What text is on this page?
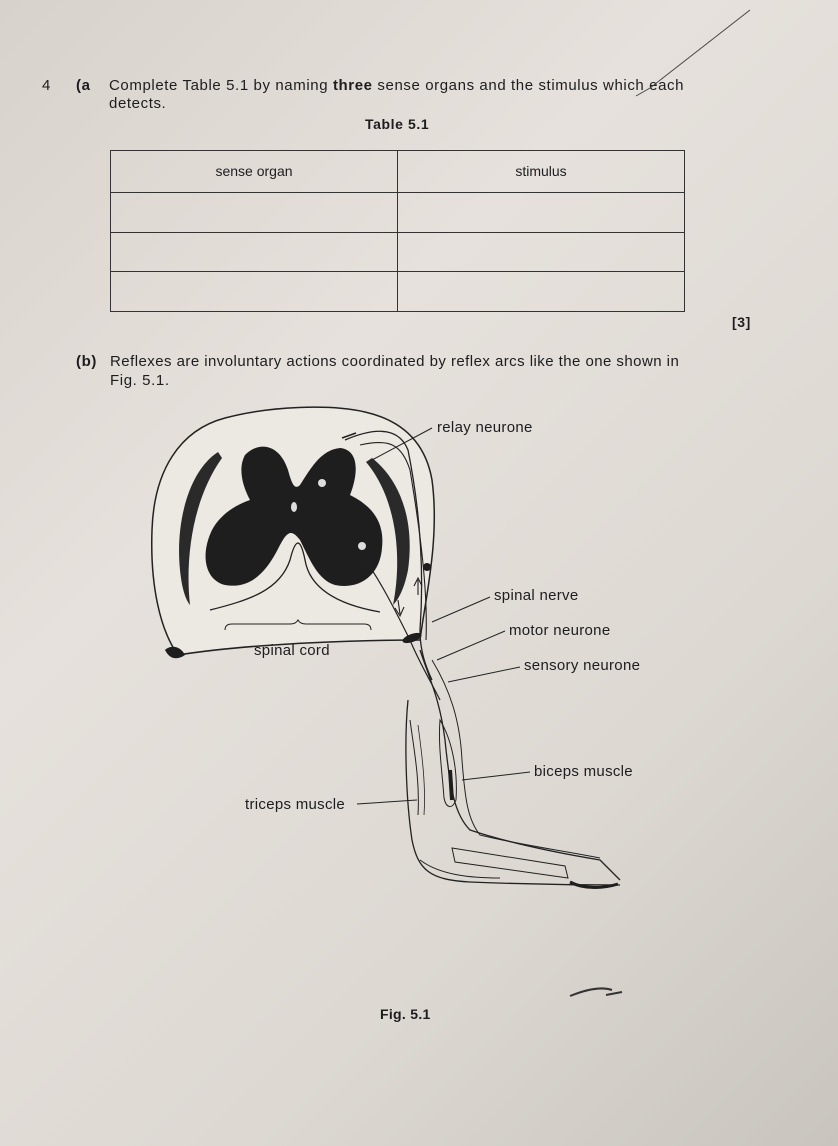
4 (a Complete Table 5.1 by naming three sense organs and the stimulus which each
detects.
Table 5.1
sense organ	stimulus

[3]
(b) Reflexes are involuntary actions coordinated by reflex arcs like the one shown in
Fig. 5.1.
relay neurone
spinal nerve
motor neurone
sensory neurone
spinal cord
biceps muscle
triceps muscle
Fig. 5.1
